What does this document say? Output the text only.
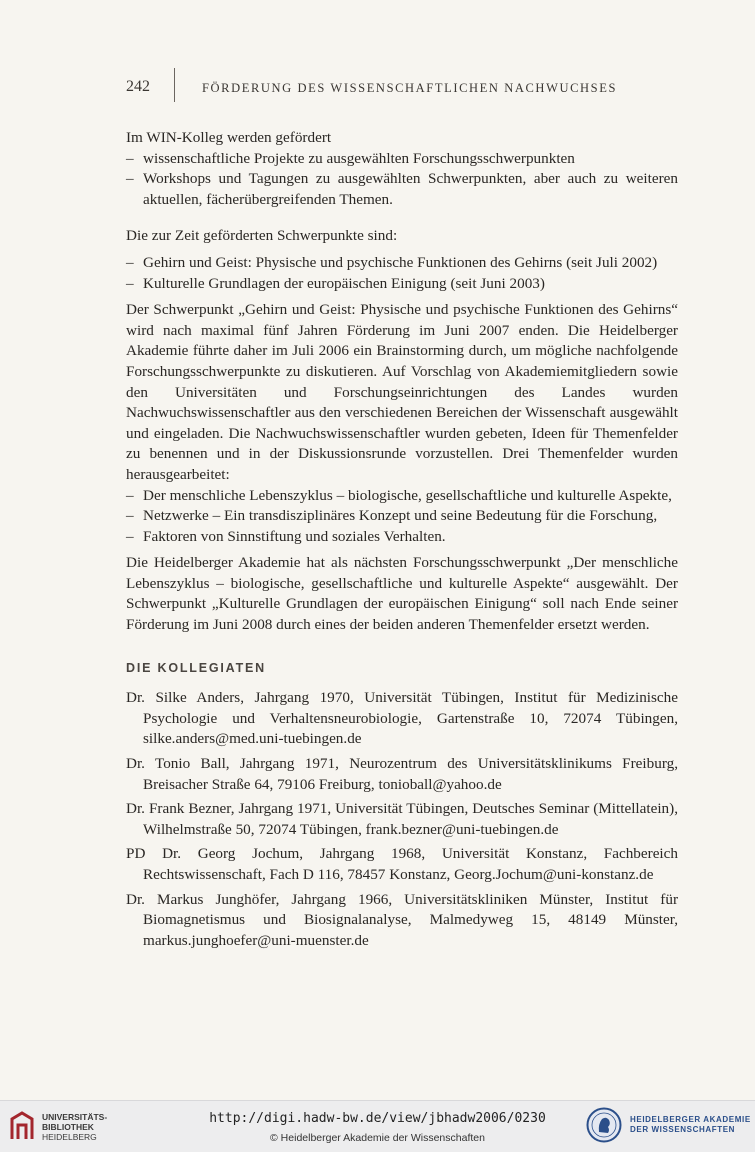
242	FÖRDERUNG DES WISSENSCHAFTLICHEN NACHWUCHSES

Im WIN-Kolleg werden gefördert

– wissenschaftliche Projekte zu ausgewählten Forschungsschwerpunkten

– Workshops und Tagungen zu ausgewählten Schwerpunkten, aber auch zu weiteren aktuellen, fächerübergreifenden Themen.

Die zur Zeit geförderten Schwerpunkte sind:

– Gehirn und Geist: Physische und psychische Funktionen des Gehirns (seit Juli 2002)

– Kulturelle Grundlagen der europäischen Einigung (seit Juni 2003)

Der Schwerpunkt „Gehirn und Geist: Physische und psychische Funktionen des Gehirns“ wird nach maximal fünf Jahren Förderung im Juni 2007 enden. Die Heidelberger Akademie führte daher im Juli 2006 ein Brainstorming durch, um mögliche nachfolgende Forschungsschwerpunkte zu diskutieren. Auf Vorschlag von Akademiemitgliedern sowie den Universitäten und Forschungseinrichtungen des Landes wurden Nachwuchswissenschaftler aus den verschiedenen Bereichen der Wissenschaft ausgewählt und eingeladen. Die Nachwuchswissenschaftler wurden gebeten, Ideen für Themenfelder zu benennen und in der Diskussionsrunde vorzustellen. Drei Themenfelder wurden herausgearbeitet:

– Der menschliche Lebenszyklus – biologische, gesellschaftliche und kulturelle Aspekte,

– Netzwerke – Ein transdisziplinäres Konzept und seine Bedeutung für die Forschung,

– Faktoren von Sinnstiftung und soziales Verhalten.

Die Heidelberger Akademie hat als nächsten Forschungsschwerpunkt „Der menschliche Lebenszyklus – biologische, gesellschaftliche und kulturelle Aspekte“ ausgewählt. Der Schwerpunkt „Kulturelle Grundlagen der europäischen Einigung“ soll nach Ende seiner Förderung im Juni 2008 durch eines der beiden anderen Themenfelder ersetzt werden.

DIE KOLLEGIATEN

Dr. Silke Anders, Jahrgang 1970, Universität Tübingen, Institut für Medizinische Psychologie und Verhaltensneurobiologie, Gartenstraße 10, 72074 Tübingen, silke.anders@med.uni-tuebingen.de

Dr. Tonio Ball, Jahrgang 1971, Neurozentrum des Universitätsklinikums Freiburg, Breisacher Straße 64, 79106 Freiburg, tonioball@yahoo.de

Dr. Frank Bezner, Jahrgang 1971, Universität Tübingen, Deutsches Seminar (Mittellatein), Wilhelmstraße 50, 72074 Tübingen, frank.bezner@uni-tuebingen.de

PD Dr. Georg Jochum, Jahrgang 1968, Universität Konstanz, Fachbereich Rechtswissenschaft, Fach D 116, 78457 Konstanz, Georg.Jochum@uni-konstanz.de

Dr. Markus Junghöfer, Jahrgang 1966, Universitätskliniken Münster, Institut für Biomagnetismus und Biosignalanalyse, Malmedyweg 15, 48149 Münster, markus.junghoefer@uni-muenster.de

UNIVERSITÄTS-
BIBLIOTHEK
HEIDELBERG
http://digi.hadw-bw.de/view/jbhadw2006/0230
© Heidelberger Akademie der Wissenschaften
HEIDELBERGER AKADEMIE
DER WISSENSCHAFTEN
